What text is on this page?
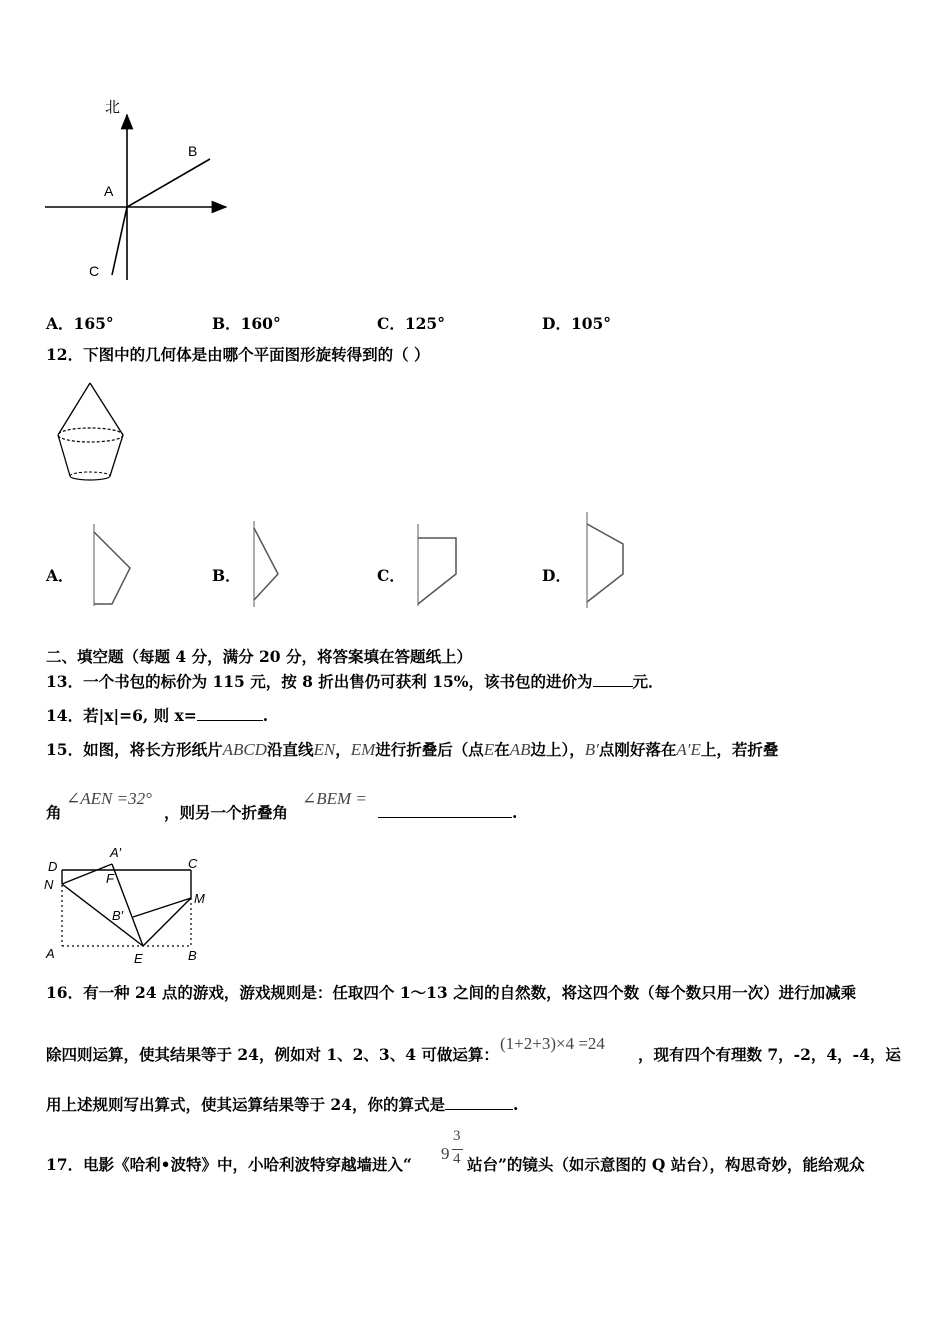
北
A
B
C
A．165°	B．160°	C．125°	D．105°
12．下图中的几何体是由哪个平面图形旋转得到的（ ）
A．	B．	C．	D．
二、填空题（每题 4 分，满分 20 分，将答案填在答题纸上）
13．一个书包的标价为 115 元，按 8 折出售仍可获利 15%，该书包的进价为	元．
14．若|x|=6, 则 x=	.
15．如图，将长方形纸片ABCD沿直线EN，EM进行折叠后（点E在AB边上），B′点刚好落在A′E上，若折叠
角
∠AEN =32°
，则另一个折叠角
∠BEM =
.
D
A′
C
N	F
M
B′
A	E	B
16．有一种 24 点的游戏，游戏规则是：任取四个 1～13 之间的自然数，将这四个数（每个数只用一次）进行加减乘
除四则运算，使其结果等于 24，例如对 1、2、3、4 可做运算：
(1+2+3)×4 =24
，现有四个有理数 7，-2，4，-4，运
用上述规则写出算式，使其运算结果等于 24，你的算式是	.
17．电影《哈利•波特》中，小哈利波特穿越墙进入“
9
3
4 站台”的镜头（如示意图的 Q 站台），构思奇妙，能给观众
